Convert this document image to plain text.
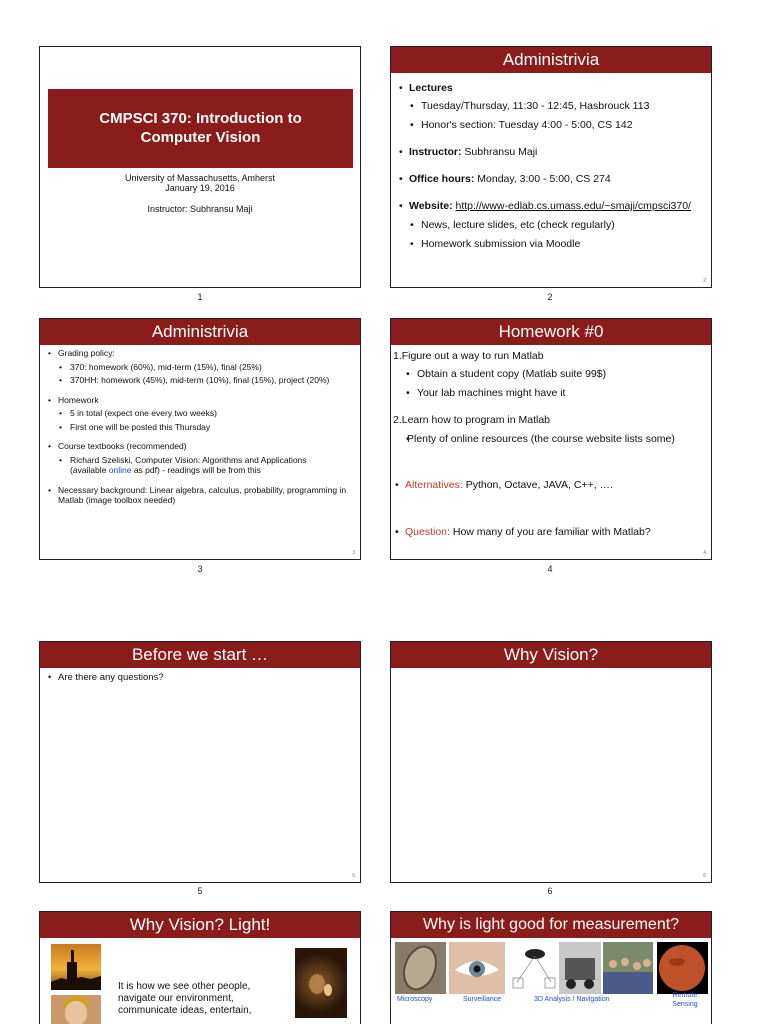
CMPSCI 370: Introduction to
Computer Vision
University of Massachusetts, Amherst
January 19, 2016
Instructor: Subhransu Maji
1
Administrivia
• Lectures
• Tuesday/Thursday, 11:30 - 12:45, Hasbrouck 113
• Honor's section: Tuesday 4:00 - 5:00, CS 142
• Instructor: Subhransu Maji
• Office hours: Monday, 3:00 - 5:00, CS 274
• Website: http://www-edlab.cs.umass.edu/~smaji/cmpsci370/
• News, lecture slides, etc (check regularly)
• Homework submission via Moodle
2
2
Administrivia
• Grading policy:
• 370: homework (60%), mid-term (15%), final (25%)
• 370HH: homework (45%), mid-term (10%), final (15%), project (20%)
• Homework
• 5 in total (expect one every two weeks)
• First one will be posted this Thursday
• Course textbooks (recommended)
• Richard Szeliski, Computer Vision: Algorithms and Applications
(available online as pdf) - readings will be from this
• Necessary background: Linear algebra, calculus, probability, programming in Matlab (image toolbox needed)
3
3
Homework #0
1.Figure out a way to run Matlab
• Obtain a student copy (Matlab suite 99$)
• Your lab machines might have it
2.Learn how to program in Matlab
• Plenty of online resources (the course website lists some)
• Alternatives: Python, Octave, JAVA, C++, ….
• Question: How many of you are familiar with Matlab?
4
4
Before we start …
• Are there any questions?
5
5
Why Vision?
6
6
Why Vision? Light!
It is how we see other people, navigate our environment, communicate ideas, entertain,
Why is light good for measurement?
Microscopy	Surveillance	3D Analysis / Navigation
Remote Sensing
